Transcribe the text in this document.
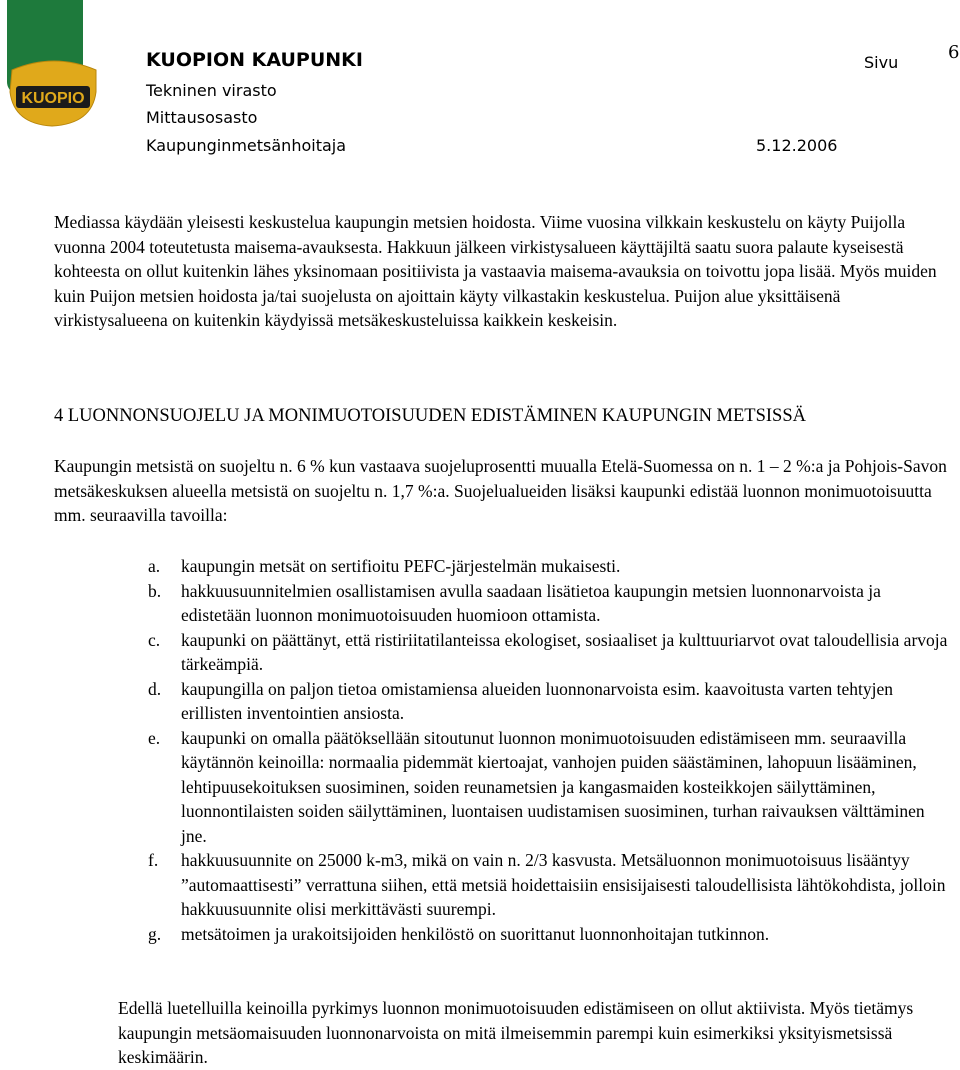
KUOPIO
KUOPION KAUPUNKI
Tekninen virasto
Mittausosasto
Kaupunginmetsänhoitaja
Sivu	6
5.12.2006

Mediassa käydään yleisesti keskustelua kaupungin metsien hoidosta. Viime vuosina vilkkain keskustelu on käyty Puijolla vuonna 2004 toteutetusta maisema-avauksesta. Hakkuun jälkeen virkistysalueen käyttäjiltä saatu suora palaute kyseisestä kohteesta on ollut kuitenkin lähes yksinomaan positiivista ja vastaavia maisema-avauksia on toivottu jopa lisää. Myös muiden kuin Puijon metsien hoidosta ja/tai suojelusta on ajoittain käyty vilkastakin keskustelua. Puijon alue yksittäisenä virkistysalueena on kuitenkin käydyissä metsäkeskusteluissa kaikkein keskeisin.

4 LUONNONSUOJELU JA MONIMUOTOISUUDEN EDISTÄMINEN KAUPUNGIN METSISSÄ

Kaupungin metsistä on suojeltu n. 6 % kun vastaava suojeluprosentti muualla Etelä-Suomessa on n. 1 – 2 %:a ja Pohjois-Savon metsäkeskuksen alueella metsistä on suojeltu n. 1,7 %:a. Suojelualueiden lisäksi kaupunki edistää luonnon monimuotoisuutta mm. seuraavilla tavoilla:

a.	kaupungin metsät on sertifioitu PEFC-järjestelmän mukaisesti.
b.	hakkuusuunnitelmien osallistamisen avulla saadaan lisätietoa kaupungin metsien luonnonarvoista ja edistetään luonnon monimuotoisuuden huomioon ottamista.
c.	kaupunki on päättänyt, että ristiriitatilanteissa ekologiset, sosiaaliset ja kulttuuriarvot ovat taloudellisia arvoja tärkeämpiä.
d.	kaupungilla on paljon tietoa omistamiensa alueiden luonnonarvoista esim. kaavoitusta varten tehtyjen erillisten inventointien ansiosta.
e.	kaupunki on omalla päätöksellään sitoutunut luonnon monimuotoisuuden edistämiseen mm. seuraavilla käytännön keinoilla: normaalia pidemmät kiertoajat, vanhojen puiden säästäminen, lahopuun lisääminen, lehtipuusekoituksen suosiminen, soiden reunametsien ja kangasmaiden kosteikkojen säilyttäminen, luonnontilaisten soiden säilyttäminen, luontaisen uudistamisen suosiminen, turhan raivauksen välttäminen jne.
f.	hakkuusuunnite on 25000 k-m3, mikä on vain n. 2/3 kasvusta. Metsäluonnon monimuotoisuus lisääntyy ”automaattisesti” verrattuna siihen, että metsiä hoidettaisiin ensisijaisesti taloudellisista lähtökohdista, jolloin hakkuusuunnite olisi merkittävästi suurempi.
g.	metsätoimen ja urakoitsijoiden henkilöstö on suorittanut luonnonhoitajan tutkinnon.

Edellä luetelluilla keinoilla pyrkimys luonnon monimuotoisuuden edistämiseen on ollut aktiivista. Myös tietämys kaupungin metsäomaisuuden luonnonarvoista on mitä ilmeisemmin parempi kuin esimerkiksi yksityismetsissä keskimäärin.
